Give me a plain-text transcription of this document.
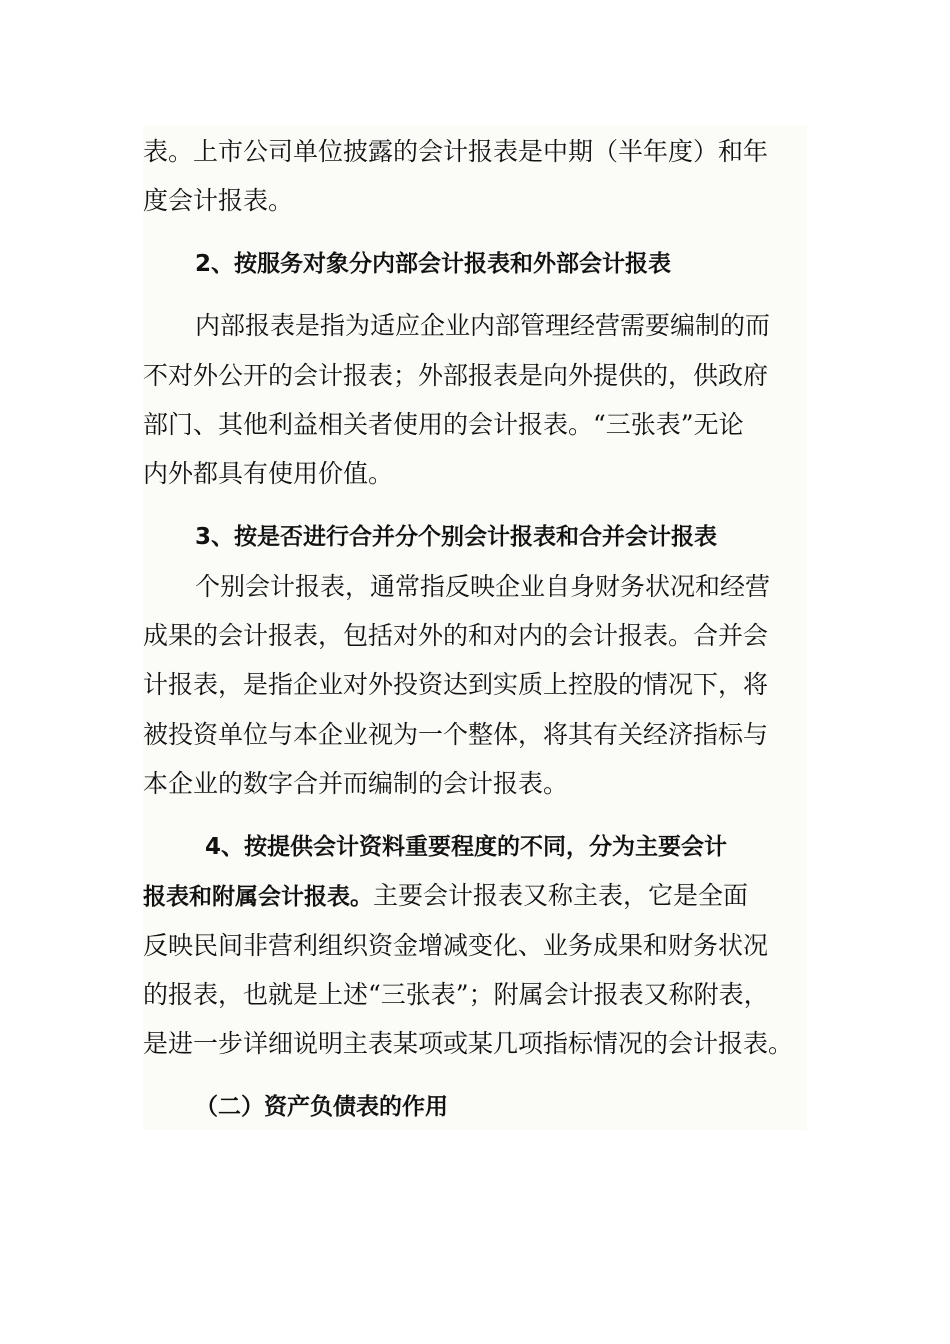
表。上市公司单位披露的会计报表是中期（半年度）和年
度会计报表。
2、按服务对象分内部会计报表和外部会计报表
内部报表是指为适应企业内部管理经营需要编制的而
不对外公开的会计报表；外部报表是向外提供的，供政府
部门、其他利益相关者使用的会计报表。“三张表”无论
内外都具有使用价值。
3、按是否进行合并分个别会计报表和合并会计报表
个别会计报表，通常指反映企业自身财务状况和经营
成果的会计报表，包括对外的和对内的会计报表。合并会
计报表，是指企业对外投资达到实质上控股的情况下，将
被投资单位与本企业视为一个整体，将其有关经济指标与
本企业的数字合并而编制的会计报表。
4、按提供会计资料重要程度的不同，分为主要会计
报表和附属会计报表。主要会计报表又称主表，它是全面
反映民间非营利组织资金增减变化、业务成果和财务状况
的报表，也就是上述“三张表”；附属会计报表又称附表，
是进一步详细说明主表某项或某几项指标情况的会计报表。
（二）资产负债表的作用
